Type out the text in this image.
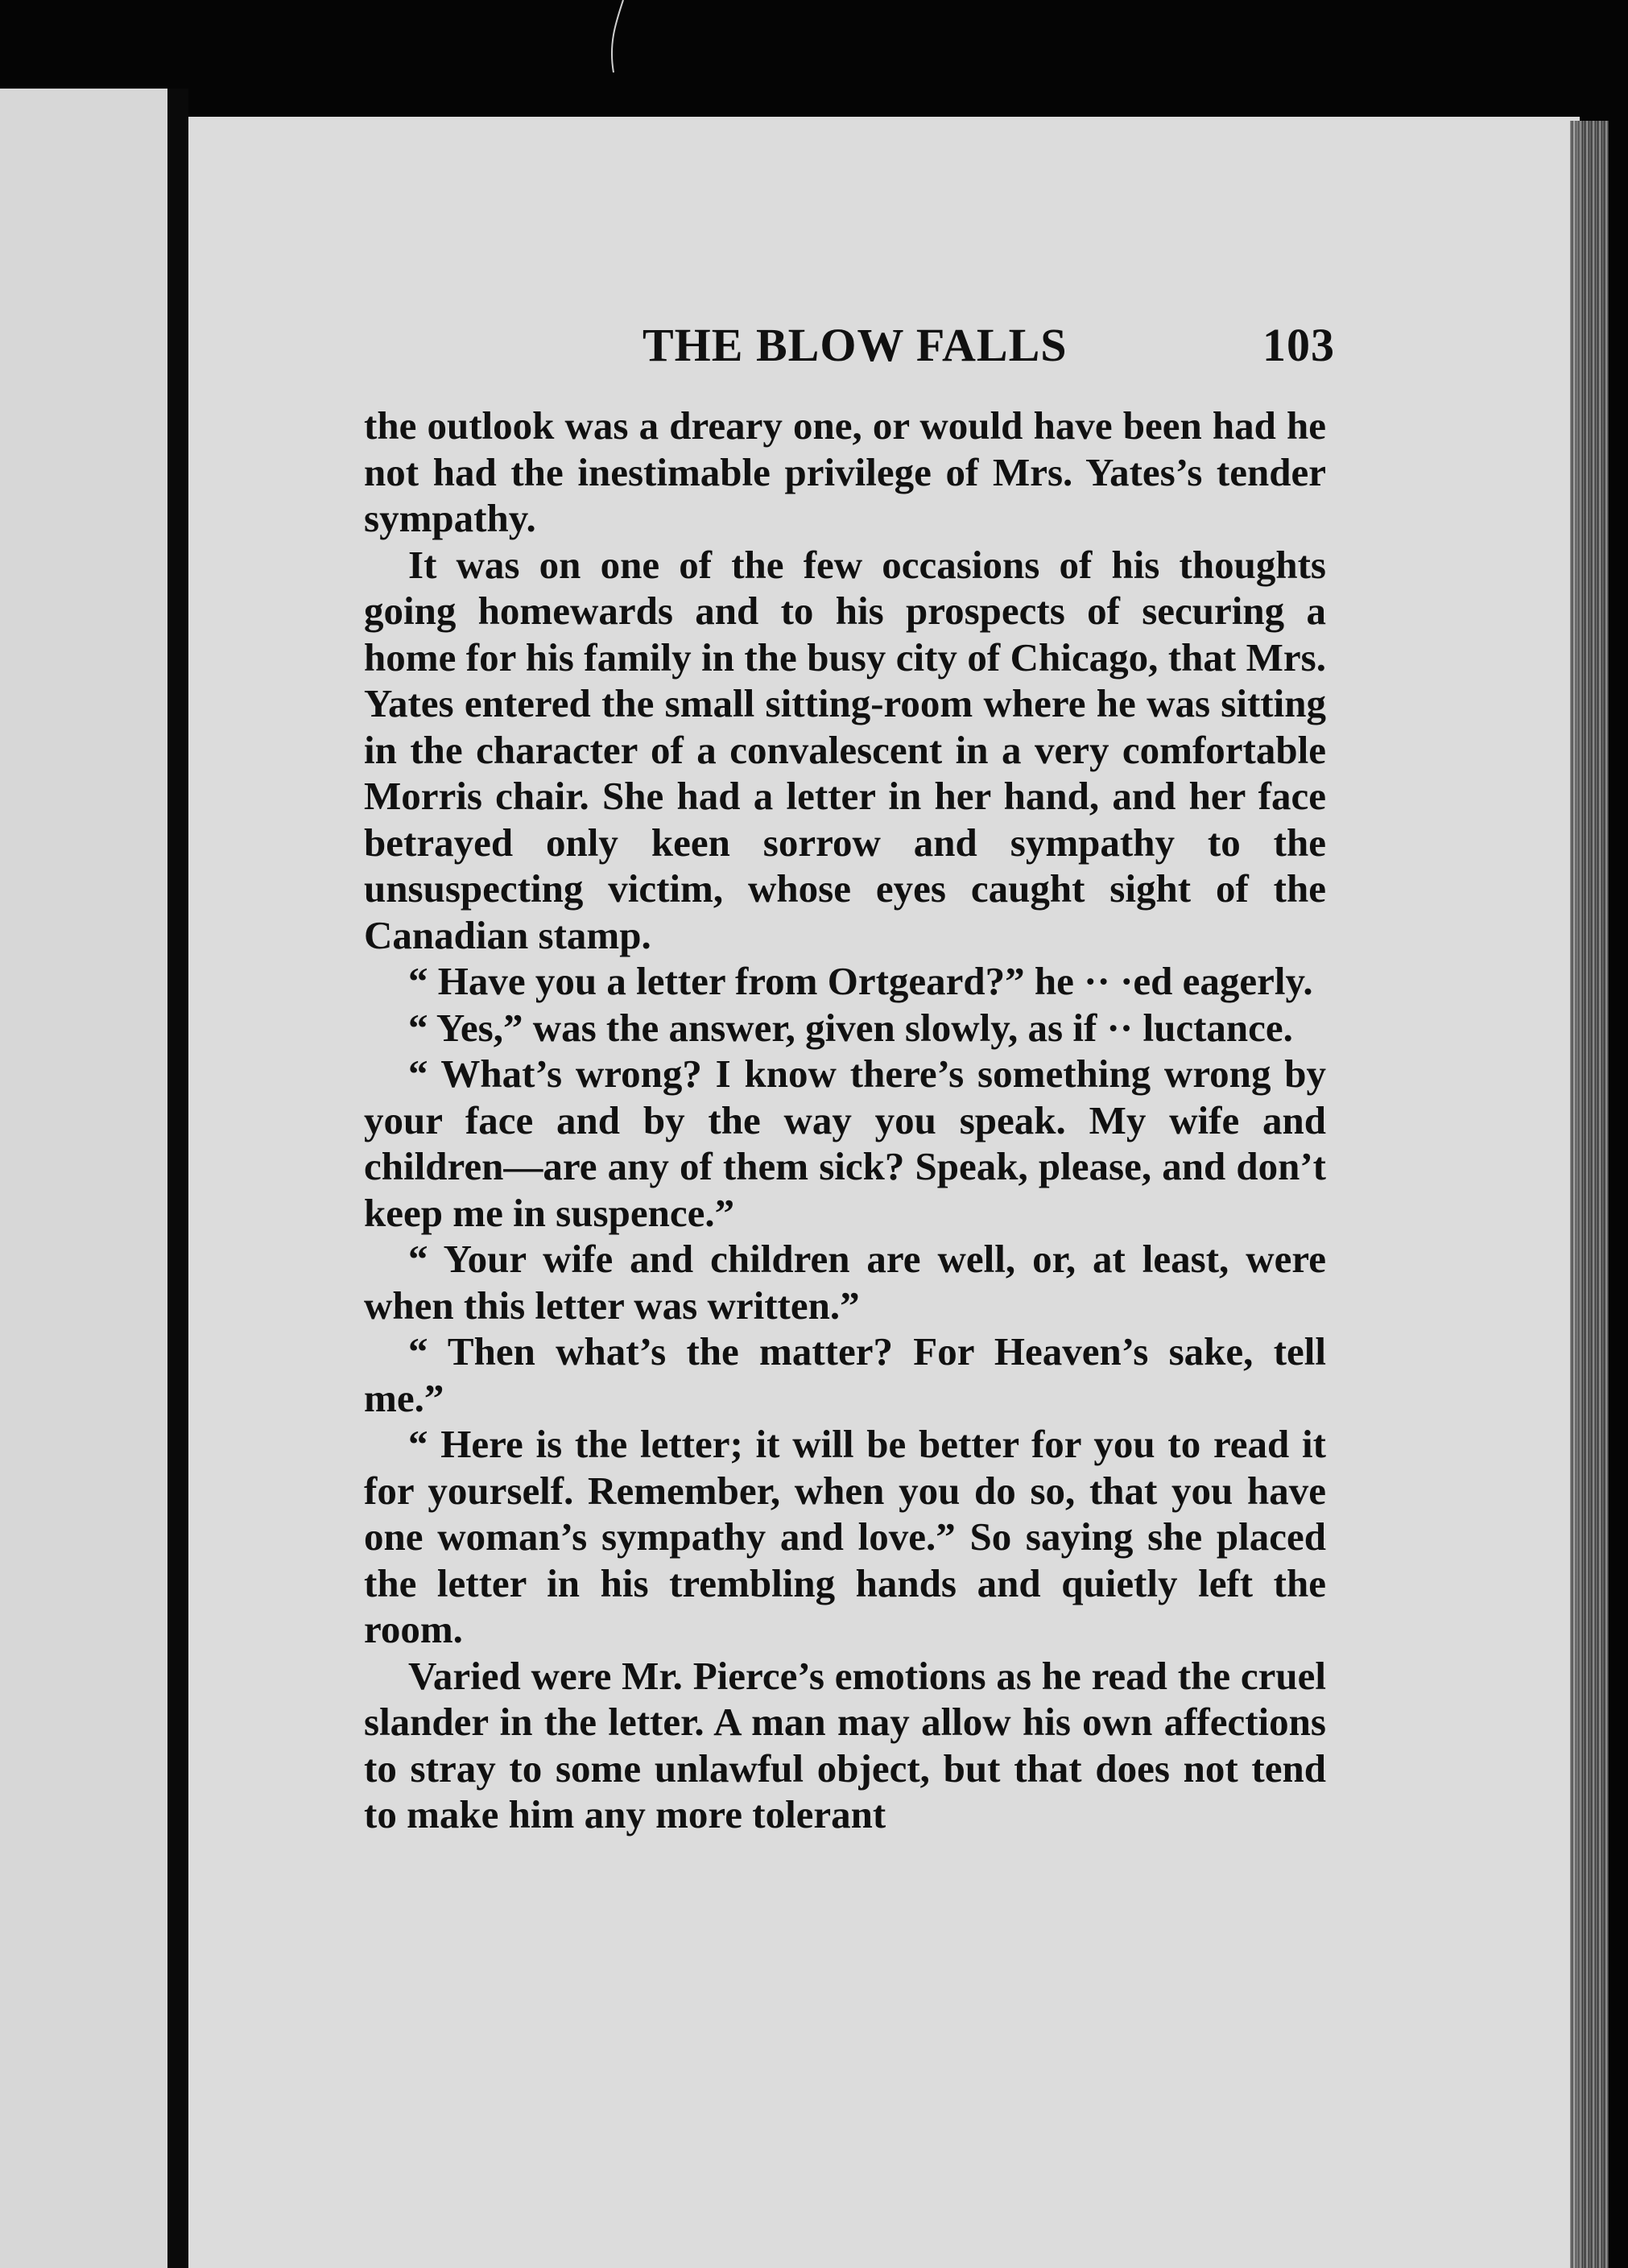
THE BLOW FALLS	103

the outlook was a dreary one, or would have been had he not had the inestimable privilege of Mrs. Yates’s tender sympathy.

It was on one of the few occasions of his thoughts going homewards and to his prospects of securing a home for his family in the busy city of Chicago, that Mrs. Yates entered the small sitting-room where he was sitting in the character of a convalescent in a very comfortable Morris chair. She had a letter in her hand, and her face betrayed only keen sorrow and sympathy to the unsuspecting victim, whose eyes caught sight of the Canadian stamp.

“ Have you a letter from Ortgeard?” he ·· ·ed eagerly.

“ Yes,” was the answer, given slowly, as if ·· luctance.

“ What’s wrong? I know there’s something wrong by your face and by the way you speak. My wife and children—are any of them sick? Speak, please, and don’t keep me in suspence.”

“ Your wife and children are well, or, at least, were when this letter was written.”

“ Then what’s the matter? For Heaven’s sake, tell me.”

“ Here is the letter; it will be better for you to read it for yourself. Remember, when you do so, that you have one woman’s sympathy and love.” So saying she placed the letter in his trembling hands and quietly left the room.

Varied were Mr. Pierce’s emotions as he read the cruel slander in the letter. A man may allow his own affections to stray to some unlawful object, but that does not tend to make him any more tolerant
